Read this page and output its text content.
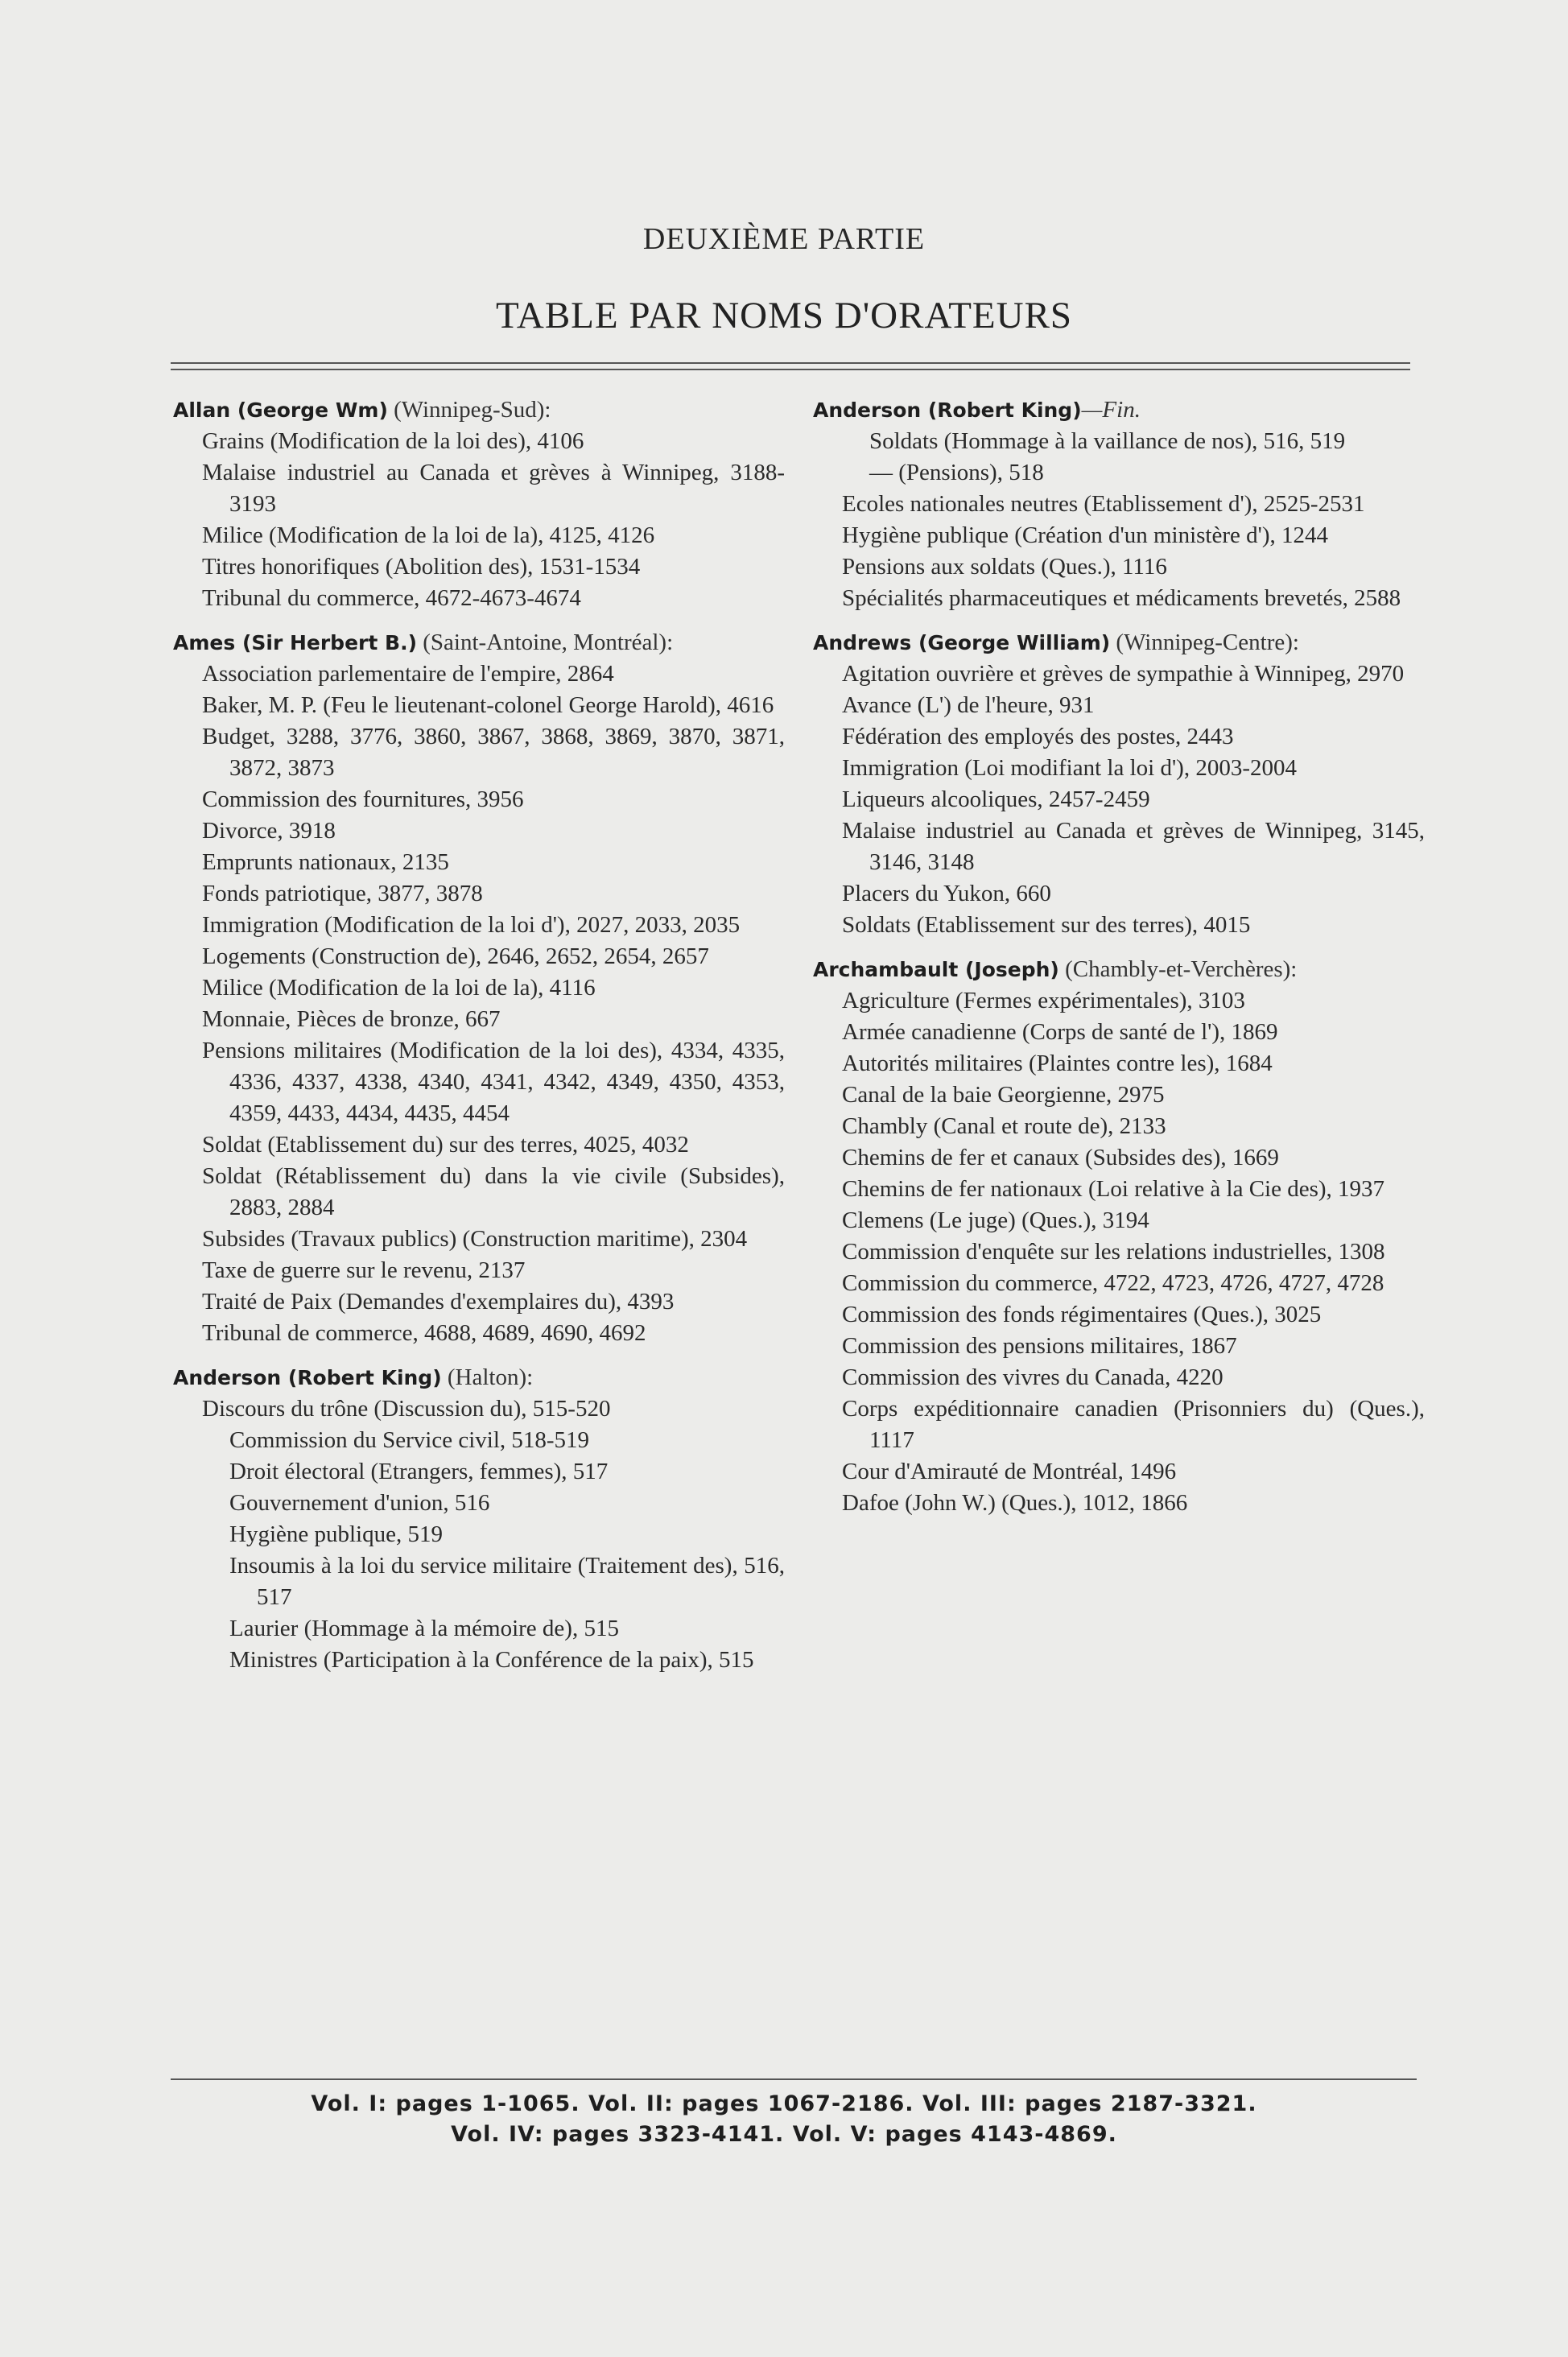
DEUXIÈME PARTIE
TABLE PAR NOMS D'ORATEURS
Allan (George Wm) (Winnipeg-Sud):
Grains (Modification de la loi des), 4106
Malaise industriel au Canada et grèves à Winnipeg, 3188-3193
Milice (Modification de la loi de la), 4125, 4126
Titres honorifiques (Abolition des), 1531-1534
Tribunal du commerce, 4672-4673-4674
Ames (Sir Herbert B.) (Saint-Antoine, Montréal):
Association parlementaire de l'empire, 2864
Baker, M. P. (Feu le lieutenant-colonel George Harold), 4616
Budget, 3288, 3776, 3860, 3867, 3868, 3869, 3870, 3871, 3872, 3873
Commission des fournitures, 3956
Divorce, 3918
Emprunts nationaux, 2135
Fonds patriotique, 3877, 3878
Immigration (Modification de la loi d'), 2027, 2033, 2035
Logements (Construction de), 2646, 2652, 2654, 2657
Milice (Modification de la loi de la), 4116
Monnaie, Pièces de bronze, 667
Pensions militaires (Modification de la loi des), 4334, 4335, 4336, 4337, 4338, 4340, 4341, 4342, 4349, 4350, 4353, 4359, 4433, 4434, 4435, 4454
Soldat (Etablissement du) sur des terres, 4025, 4032
Soldat (Rétablissement du) dans la vie civile (Subsides), 2883, 2884
Subsides (Travaux publics) (Construction maritime), 2304
Taxe de guerre sur le revenu, 2137
Traité de Paix (Demandes d'exemplaires du), 4393
Tribunal de commerce, 4688, 4689, 4690, 4692
Anderson (Robert King) (Halton):
Discours du trône (Discussion du), 515-520
Commission du Service civil, 518-519
Droit électoral (Etrangers, femmes), 517
Gouvernement d'union, 516
Hygiène publique, 519
Insoumis à la loi du service militaire (Traitement des), 516, 517
Laurier (Hommage à la mémoire de), 515
Ministres (Participation à la Conférence de la paix), 515
Anderson (Robert King)—Fin.
Soldats (Hommage à la vaillance de nos), 516, 519
— (Pensions), 518
Ecoles nationales neutres (Etablissement d'), 2525-2531
Hygiène publique (Création d'un ministère d'), 1244
Pensions aux soldats (Ques.), 1116
Spécialités pharmaceutiques et médicaments brevetés, 2588
Andrews (George William) (Winnipeg-Centre):
Agitation ouvrière et grèves de sympathie à Winnipeg, 2970
Avance (L') de l'heure, 931
Fédération des employés des postes, 2443
Immigration (Loi modifiant la loi d'), 2003-2004
Liqueurs alcooliques, 2457-2459
Malaise industriel au Canada et grèves de Winnipeg, 3145, 3146, 3148
Placers du Yukon, 660
Soldats (Etablissement sur des terres), 4015
Archambault (Joseph) (Chambly-et-Verchères):
Agriculture (Fermes expérimentales), 3103
Armée canadienne (Corps de santé de l'), 1869
Autorités militaires (Plaintes contre les), 1684
Canal de la baie Georgienne, 2975
Chambly (Canal et route de), 2133
Chemins de fer et canaux (Subsides des), 1669
Chemins de fer nationaux (Loi relative à la Cie des), 1937
Clemens (Le juge) (Ques.), 3194
Commission d'enquête sur les relations industrielles, 1308
Commission du commerce, 4722, 4723, 4726, 4727, 4728
Commission des fonds régimentaires (Ques.), 3025
Commission des pensions militaires, 1867
Commission des vivres du Canada, 4220
Corps expéditionnaire canadien (Prisonniers du) (Ques.), 1117
Cour d'Amirauté de Montréal, 1496
Dafoe (John W.) (Ques.), 1012, 1866
Vol. I: pages 1-1065. Vol. II: pages 1067-2186. Vol. III: pages 2187-3321.
Vol. IV: pages 3323-4141. Vol. V: pages 4143-4869.
